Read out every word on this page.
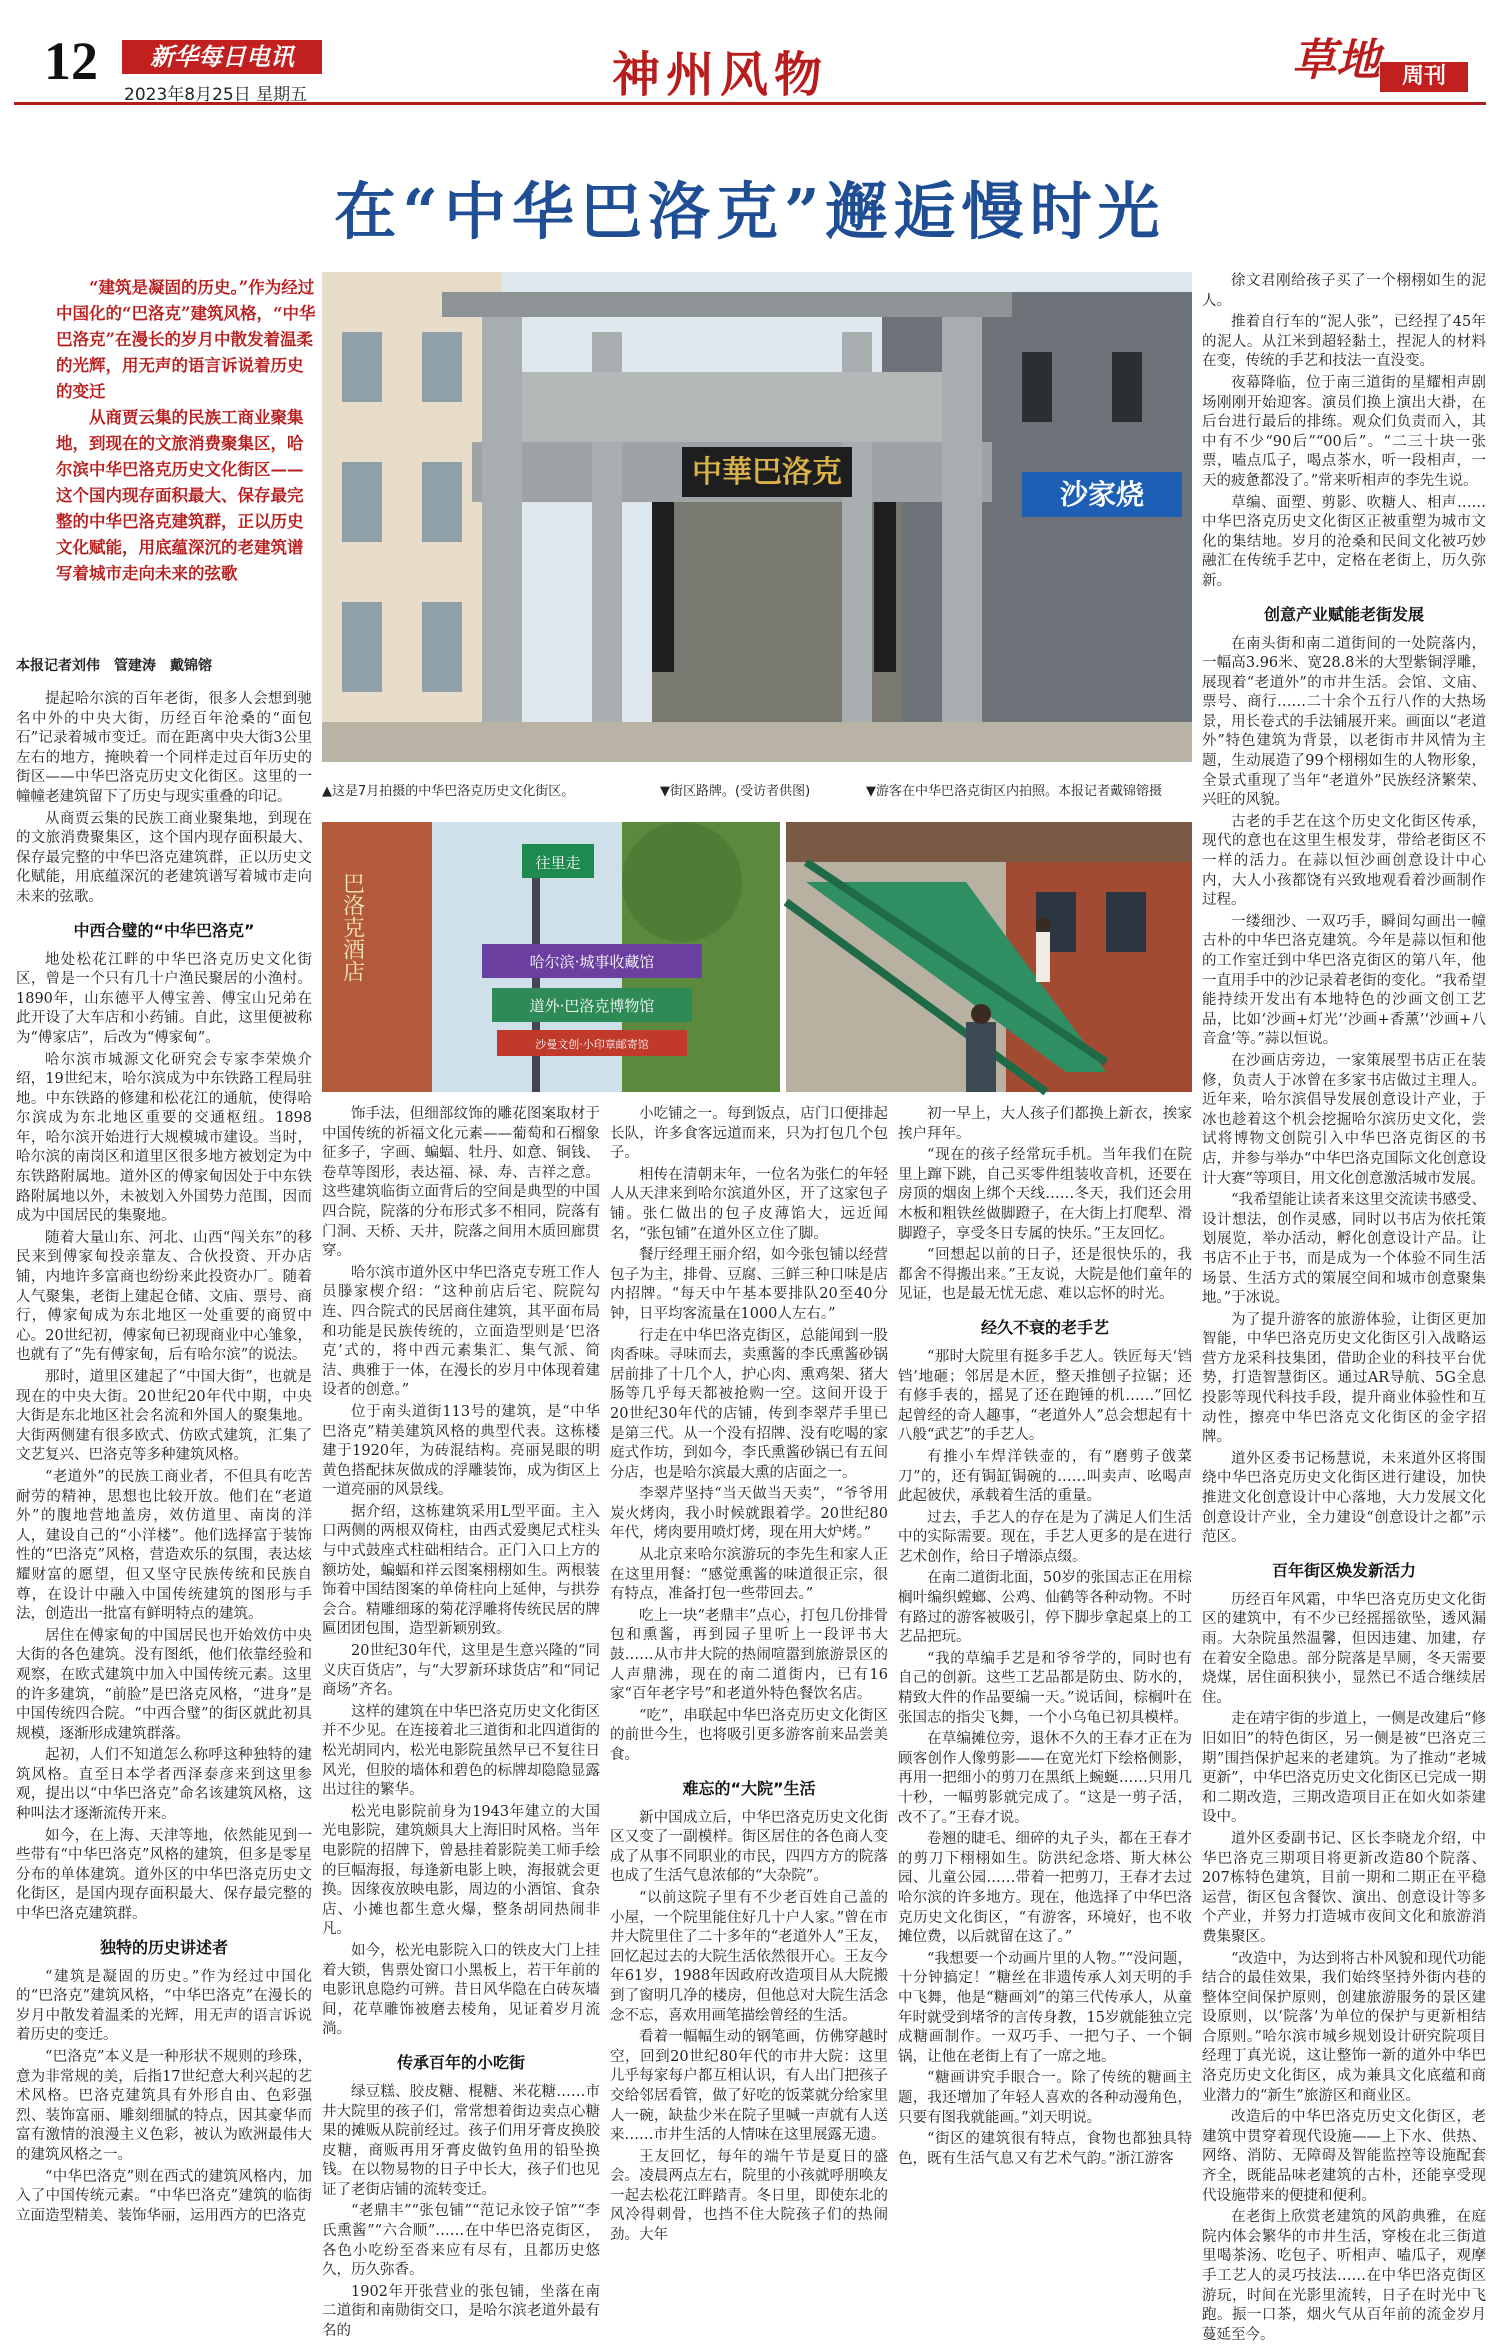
12	新华每日电讯
2023年8月25日 星期五	神州风物	草地 周刊
在“中华巴洛克”邂逅慢时光

“建筑是凝固的历史。”作为经过中国化的“巴洛克”建筑风格，“中华巴洛克”在漫长的岁月中散发着温柔的光辉，用无声的语言诉说着历史的变迁

从商贾云集的民族工商业聚集地，到现在的文旅消费聚集区，哈尔滨中华巴洛克历史文化街区——这个国内现存面积最大、保存最完整的中华巴洛克建筑群，正以历史文化赋能，用底蕴深沉的老建筑谱写着城市走向未来的弦歌

本报记者刘伟　管建涛　戴锦镕
沙家烧
中華巴洛克
▲这是7月拍摄的中华巴洛克历史文化街区。	▼街区路牌。(受访者供图)	▼游客在中华巴洛克街区内拍照。本报记者戴锦镕摄
巴洛克酒店
往里走
哈尔滨·城事收藏馆
道外·巴洛克博物馆
沙曼文创·小印章邮寄馆

提起哈尔滨的百年老街，很多人会想到驰名中外的中央大街，历经百年沧桑的“面包石”记录着城市变迁。而在距离中央大街3公里左右的地方，掩映着一个同样走过百年历史的街区——中华巴洛克历史文化街区。这里的一幢幢老建筑留下了历史与现实重叠的印记。

从商贾云集的民族工商业聚集地，到现在的文旅消费聚集区，这个国内现存面积最大、保存最完整的中华巴洛克建筑群，正以历史文化赋能，用底蕴深沉的老建筑谱写着城市走向未来的弦歌。

中西合璧的“中华巴洛克”

地处松花江畔的中华巴洛克历史文化街区，曾是一个只有几十户渔民聚居的小渔村。1890年，山东德平人傅宝善、傅宝山兄弟在此开设了大车店和小药铺。自此，这里便被称为“傅家店”，后改为“傅家甸”。

哈尔滨市城源文化研究会专家李荣焕介绍，19世纪末，哈尔滨成为中东铁路工程局驻地。中东铁路的修建和松花江的通航，使得哈尔滨成为东北地区重要的交通枢纽。1898年，哈尔滨开始进行大规模城市建设。当时，哈尔滨的南岗区和道里区很多地方被划定为中东铁路附属地。道外区的傅家甸因处于中东铁路附属地以外，未被划入外国势力范围，因而成为中国居民的集聚地。

随着大量山东、河北、山西“闯关东”的移民来到傅家甸投亲靠友、合伙投资、开办店铺，内地许多富商也纷纷来此投资办厂。随着人气聚集，老街上建起仓储、文庙、票号、商行，傅家甸成为东北地区一处重要的商贸中心。20世纪初，傅家甸已初现商业中心雏象，也就有了“先有傅家甸，后有哈尔滨”的说法。

那时，道里区建起了“中国大街”，也就是现在的中央大街。20世纪20年代中期，中央大街是东北地区社会名流和外国人的聚集地。大街两侧建有很多欧式、仿欧式建筑，汇集了文艺复兴、巴洛克等多种建筑风格。

“老道外”的民族工商业者，不但具有吃苦耐劳的精神，思想也比较开放。他们在“老道外”的腹地营地盖房，效仿道里、南岗的洋人，建设自己的“小洋楼”。他们选择富于装饰性的“巴洛克”风格，营造欢乐的氛围，表达炫耀财富的愿望，但又坚守民族传统和民族自尊，在设计中融入中国传统建筑的图形与手法，创造出一批富有鲜明特点的建筑。

居住在傅家甸的中国居民也开始效仿中央大街的各色建筑。没有图纸，他们依靠经验和观察，在欧式建筑中加入中国传统元素。这里的许多建筑，“前脸”是巴洛克风格，“进身”是中国传统四合院。“中西合璧”的街区就此初具规模，逐渐形成建筑群落。

起初，人们不知道怎么称呼这种独特的建筑风格。直至日本学者西泽泰彦来到这里参观，提出以“中华巴洛克”命名该建筑风格，这种叫法才逐渐流传开来。

如今，在上海、天津等地，依然能见到一些带有“中华巴洛克”风格的建筑，但多是零星分布的单体建筑。道外区的中华巴洛克历史文化街区，是国内现存面积最大、保存最完整的中华巴洛克建筑群。

独特的历史讲述者

“建筑是凝固的历史。”作为经过中国化的“巴洛克”建筑风格，“中华巴洛克”在漫长的岁月中散发着温柔的光辉，用无声的语言诉说着历史的变迁。

“巴洛克”本义是一种形状不规则的珍珠，意为非常规的美，后指17世纪意大利兴起的艺术风格。巴洛克建筑具有外形自由、色彩强烈、装饰富丽、雕刻细腻的特点，因其豪华而富有激情的浪漫主义色彩，被认为欧洲最伟大的建筑风格之一。

“中华巴洛克”则在西式的建筑风格内，加入了中国传统元素。“中华巴洛克”建筑的临街立面造型精美、装饰华丽，运用西方的巴洛克

饰手法，但细部纹饰的雕花图案取材于中国传统的祈福文化元素——葡萄和石榴象征多子，字画、蝙蝠、牡丹、如意、铜钱、卷草等图形，表达福、禄、寿、吉祥之意。这些建筑临街立面背后的空间是典型的中国四合院，院落的分布形式多不相同，院落有门洞、天桥、天井，院落之间用木质回廊贯穿。

哈尔滨市道外区中华巴洛克专班工作人员滕家楔介绍：“这种前店后宅、院院勾连、四合院式的民居商住建筑，其平面布局和功能是民族传统的，立面造型则是‘巴洛克’式的，将中西元素集汇、集气派、简洁、典雅于一体，在漫长的岁月中体现着建设者的创意。”

位于南头道街113号的建筑，是“中华巴洛克”精美建筑风格的典型代表。这栋楼建于1920年，为砖混结构。亮丽晃眼的明黄色搭配抹灰做成的浮雕装饰，成为街区上一道亮丽的风景线。

据介绍，这栋建筑采用L型平面。主入口两侧的两根双倚柱，由西式爱奥尼式柱头与中式鼓座式柱础相结合。正门入口上方的额坊处，蝙蝠和祥云图案栩栩如生。两根装饰着中国结图案的单倚柱向上延伸，与拱券会合。精雕细琢的菊花浮雕将传统民居的牌匾团团包围，造型新颖别致。

20世纪30年代，这里是生意兴隆的“同义庆百货店”，与“大罗新环球货店”和“同记商场”齐名。

这样的建筑在中华巴洛克历史文化街区并不少见。在连接着北三道街和北四道街的松光胡同内，松光电影院虽然早已不复往日风光，但胶的墙体和碧色的标牌却隐隐显露出过往的繁华。

松光电影院前身为1943年建立的大国光电影院，建筑颇具大上海旧时风格。当年电影院的招牌下，曾悬挂着影院美工师手绘的巨幅海报，每逢新电影上映，海报就会更换。因缘夜放映电影，周边的小酒馆、食杂店、小摊也都生意火爆，整条胡同热闹非凡。

如今，松光电影院入口的铁皮大门上挂着大锁，售票处窗口小黑板上，若干年前的电影讯息隐约可辨。昔日风华隐在白砖灰墙间，花草雕饰被磨去棱角，见证着岁月流淌。

传承百年的小吃街

绿豆糕、胶皮糖、棍糖、米花糖……市井大院里的孩子们，常常想着街边卖点心糖果的摊贩从院前经过。孩子们用牙膏皮换胶皮糖，商贩再用牙膏皮做钓鱼用的铅坠换钱。在以物易物的日子中长大，孩子们也见证了老街店铺的流转变迁。

“老鼎丰”“张包铺”“范记永饺子馆”“李氏熏酱”“六合顺”……在中华巴洛克街区，各色小吃纷至沓来应有尽有，且都历史悠久，历久弥香。

1902年开张营业的张包铺，坐落在南二道街和南勋街交口，是哈尔滨老道外最有名的

小吃铺之一。每到饭点，店门口便排起长队，许多食客远道而来，只为打包几个包子。

相传在清朝末年，一位名为张仁的年轻人从天津来到哈尔滨道外区，开了这家包子铺。张仁做出的包子皮薄馅大，远近闻名，“张包铺”在道外区立住了脚。

餐厅经理王丽介绍，如今张包铺以经营包子为主，排骨、豆腐、三鲜三种口味是店内招牌。“每天中午基本要排队20至40分钟，日平均客流量在1000人左右。”

行走在中华巴洛克街区，总能闻到一股肉香味。寻味而去，卖熏酱的李氏熏酱砂锅居前排了十几个人，护心肉、熏鸡架、猪大肠等几乎每天都被抢购一空。这间开设于20世纪30年代的店铺，传到李翠芹手里已是第三代。从一个没有招牌、没有吃喝的家庭式作坊，到如今，李氏熏酱砂锅已有五间分店，也是哈尔滨最大熏的店面之一。

李翠芹坚持“当天做当天卖”，“爷爷用炭火烤肉，我小时候就跟着学。20世纪80年代，烤肉要用喷灯烤，现在用大炉烤。”

从北京来哈尔滨游玩的李先生和家人正在这里用餐：“感觉熏酱的味道很正宗，很有特点，准备打包一些带回去。”

吃上一块“老鼎丰”点心，打包几份排骨包和熏酱，再到园子里听上一段评书大鼓……从市井大院的热闹喧嚣到旅游景区的人声鼎沸，现在的南二道街内，已有16家“百年老字号”和老道外特色餐饮名店。

“吃”，串联起中华巴洛克历史文化街区的前世今生，也将吸引更多游客前来品尝美食。

难忘的“大院”生活

新中国成立后，中华巴洛克历史文化街区又变了一副模样。街区居住的各色商人变成了从事不同职业的市民，四四方方的院落也成了生活气息浓郁的“大杂院”。

“以前这院子里有不少老百姓自己盖的小屋，一个院里能住好几十户人家。”曾在市井大院里住了二十多年的“老道外人”王友，回忆起过去的大院生活依然很开心。王友今年61岁，1988年因政府改造项目从大院搬到了窗明几净的楼房，但他总对大院生活念念不忘，喜欢用画笔描绘曾经的生活。

看着一幅幅生动的钢笔画，仿佛穿越时空，回到20世纪80年代的市井大院：这里儿乎每家每户都互相认识，有人出门把孩子交给邻居看管，做了好吃的饭菜就分给家里人一碗，缺盐少米在院子里喊一声就有人送来……市井生活的人情味在这里展露无遗。

王友回忆，每年的端午节是夏日的盛会。凌晨两点左右，院里的小孩就呼朋唤友一起去松花江畔踏青。冬日里，即使东北的风冷得刺骨，也挡不住大院孩子们的热闹劲。大年

初一早上，大人孩子们都换上新衣，挨家挨户拜年。

“现在的孩子经常玩手机。当年我们在院里上蹿下跳，自己买零件组装收音机，还要在房顶的烟囱上绑个天线……冬天，我们还会用木板和粗铁丝做脚蹬子，在大街上打爬犁、滑脚蹬子，享受冬日专属的快乐。”王友回忆。

“回想起以前的日子，还是很快乐的，我都舍不得搬出来。”王友说，大院是他们童年的见证，也是最无忧无虑、难以忘怀的时光。

经久不衰的老手艺

“那时大院里有挺多手艺人。铁匠每天‘铛铛’地砸；邻居是木匠，整天推刨子拉锯；还有修手表的，摇晃了还在跑锤的机……”回忆起曾经的奇人趣事，“老道外人”总会想起有十八般“武艺”的手艺人。

有推小车焊洋铁壶的，有“磨剪子戗菜刀”的，还有锔缸锔碗的……叫卖声、吆喝声此起彼伏，承载着生活的重量。

过去，手艺人的存在是为了满足人们生活中的实际需要。现在，手艺人更多的是在进行艺术创作，给日子增添点缀。

在南二道街北面，50岁的张国志正在用棕榈叶编织螳螂、公鸡、仙鹤等各种动物。不时有路过的游客被吸引，停下脚步拿起桌上的工艺品把玩。

“我的草编手艺是和爷爷学的，同时也有自己的创新。这些工艺品都是防虫、防水的，精致大件的作品要编一天。”说话间，棕榈叶在张国志的指尖飞舞，一个小乌龟已初具模样。

在草编摊位旁，退休不久的王春才正在为顾客创作人像剪影——在宽光灯下绘格侧影，再用一把细小的剪刀在黑纸上蜿蜒……只用几十秒，一幅剪影就完成了。“这是一剪子活，改不了。”王春才说。

卷翘的睫毛、细碎的丸子头，都在王春才的剪刀下栩栩如生。防洪纪念塔、斯大林公园、儿童公园……带着一把剪刀，王春才去过哈尔滨的许多地方。现在，他选择了中华巴洛克历史文化街区，“有游客，环境好，也不收摊位费，以后就留在这了。”

“我想要一个动画片里的人物。”“没问题，十分钟搞定！”糖丝在非遗传承人刘天明的手中飞舞，他是“糖画刘”的第三代传承人，从童年时就受到堵爷的言传身教，15岁就能独立完成糖画制作。一双巧手、一把勺子、一个铜锅，让他在老街上有了一席之地。

“糖画讲究手眼合一。除了传统的糖画主题，我还增加了年轻人喜欢的各种动漫角色，只要有图我就能画。”刘天明说。

“街区的建筑很有特点，食物也都独具特色，既有生活气息又有艺术气韵。”浙江游客

徐文君刚给孩子买了一个栩栩如生的泥人。

推着自行车的“泥人张”，已经捏了45年的泥人。从江米到超轻黏土，捏泥人的材料在变，传统的手艺和技法一直没变。

夜幕降临，位于南三道街的星耀相声剧场刚刚开始迎客。演员们换上演出大褂，在后台进行最后的排练。观众们负责而入，其中有不少“90后”“00后”。“二三十块一张票，嗑点瓜子，喝点茶水，听一段相声，一天的疲惫都没了。”常来听相声的李先生说。

草编、面塑、剪影、吹糖人、相声……中华巴洛克历史文化街区正被重塑为城市文化的集结地。岁月的沧桑和民间文化被巧妙融汇在传统手艺中，定格在老街上，历久弥新。

创意产业赋能老街发展

在南头街和南二道街间的一处院落内，一幅高3.96米、宽28.8米的大型紫铜浮雕，展现着“老道外”的市井生活。会馆、文庙、票号、商行……二十余个五行八作的大热场景，用长卷式的手法铺展开来。画面以“老道外”特色建筑为背景，以老街市井风情为主题，生动展造了99个栩栩如生的人物形象，全景式重现了当年“老道外”民族经济繁荣、兴旺的风貌。

古老的手艺在这个历史文化街区传承，现代的意也在这里生根发芽，带给老街区不一样的活力。在蒜以恒沙画创意设计中心内，大人小孩都饶有兴致地观看着沙画制作过程。

一缕细沙、一双巧手，瞬间勾画出一幢古朴的中华巴洛克建筑。今年是蒜以恒和他的工作室迁到中华巴洛克街区的第八年，他一直用手中的沙记录着老街的变化。“我希望能持续开发出有本地特色的沙画文创工艺品，比如‘沙画+灯光’‘沙画+香薰’‘沙画+八音盒’等。”蒜以恒说。

在沙画店旁边，一家策展型书店正在装修，负责人于冰曾在多家书店做过主理人。近年来，哈尔滨倡导发展创意设计产业，于冰也趁着这个机会挖掘哈尔滨历史文化，尝试将博物文创院引入中华巴洛克街区的书店，并参与举办“中华巴洛克国际文化创意设计大赛”等项目，用文化创意激活城市发展。

“我希望能让读者来这里交流读书感受、设计想法，创作灵感，同时以书店为依托策划展览，举办活动，孵化创意设计产品。让书店不止于书，而是成为一个体验不同生活场景、生活方式的策展空间和城市创意聚集地。”于冰说。

为了提升游客的旅游体验，让街区更加智能，中华巴洛克历史文化街区引入战略运营方龙采科技集团，借助企业的科技平台优势，打造智慧街区。通过AR导航、5G全息投影等现代科技手段，提升商业体验性和互动性，擦亮中华巴洛克文化街区的金字招牌。

道外区委书记杨慧说，未来道外区将围绕中华巴洛克历史文化街区进行建设，加快推进文化创意设计中心落地，大力发展文化创意设计产业，全力建设“创意设计之都”示范区。

百年街区焕发新活力

历经百年风霜，中华巴洛克历史文化街区的建筑中，有不少已经摇摇欲坠，透风漏雨。大杂院虽然温馨，但因违建、加建，存在着安全隐患。部分院落是旱厕，冬天需要烧煤，居住面积狭小，显然已不适合继续居住。

走在靖宇街的步道上，一侧是改建后“修旧如旧”的特色街区，另一侧是被“巴洛克三期”围挡保护起来的老建筑。为了推动“老城更新”，中华巴洛克历史文化街区已完成一期和二期改造，三期改造项目正在如火如荼建设中。

道外区委副书记、区长李晓龙介绍，中华巴洛克三期项目将更新改造80个院落、207栋特色建筑，目前一期和二期正在平稳运营，街区包含餐饮、演出、创意设计等多个产业，并努力打造城市夜间文化和旅游消费集聚区。

“改造中，为达到将古朴风貌和现代功能结合的最佳效果，我们始终坚持外街内巷的整体空间保护原则，创建旅游服务的景区建设原则，以‘院落’为单位的保护与更新相结合原则。”哈尔滨市城乡规划设计研究院项目经理丁真光说，这让整饰一新的道外中华巴洛克历史文化街区，成为兼具文化底蕴和商业潜力的“新生”旅游区和商业区。

改造后的中华巴洛克历史文化街区，老建筑中贯穿着现代设施——上下水、供热、网络、消防、无障碍及智能监控等设施配套齐全，既能品味老建筑的古朴，还能享受现代设施带来的便捷和便利。

在老街上欣赏老建筑的风韵典雅，在庭院内体会繁华的市井生活，穿梭在北三街道里喝茶汤、吃包子、听相声、嗑瓜子，观摩手工艺人的灵巧技法……在中华巴洛克街区游玩，时间在光影里流转，日子在时光中飞跑。振一口茶，烟火气从百年前的流金岁月蔓延至今。
